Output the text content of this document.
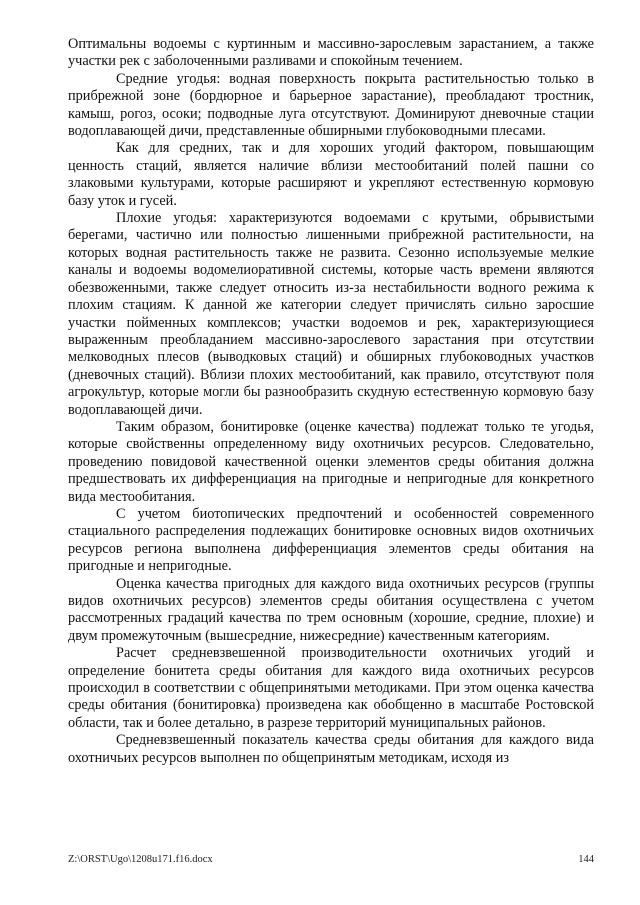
Оптимальны водоемы с куртинным и массивно-зарослевым зарастанием, а также участки рек с заболоченными разливами и спокойным течением.

Средние угодья: водная поверхность покрыта растительностью только в прибрежной зоне (бордюрное и барьерное зарастание), преобладают тростник, камыш, рогоз, осоки; подводные луга отсутствуют. Доминируют дневочные стации водоплавающей дичи, представленные обширными глубоководными плесами.

Как для средних, так и для хороших угодий фактором, повышающим ценность стаций, является наличие вблизи местообитаний полей пашни со злаковыми культурами, которые расширяют и укрепляют естественную кормовую базу уток и гусей.

Плохие угодья: характеризуются водоемами с крутыми, обрывистыми берегами, частично или полностью лишенными прибрежной растительности, на которых водная растительность также не развита. Сезонно используемые мелкие каналы и водоемы водомелиоративной системы, которые часть времени являются обезвоженными, также следует относить из-за нестабильности водного режима к плохим стациям. К данной же категории следует причислять сильно заросшие участки пойменных комплексов; участки водоемов и рек, характеризующиеся выраженным преобладанием массивно-зарослевого зарастания при отсутствии мелководных плесов (выводковых стаций) и обширных глубоководных участков (дневочных стаций). Вблизи плохих местообитаний, как правило, отсутствуют поля агрокультур, которые могли бы разнообразить скудную естественную кормовую базу водоплавающей дичи.

Таким образом, бонитировке (оценке качества) подлежат только те угодья, которые свойственны определенному виду охотничьих ресурсов. Следовательно, проведению повидовой качественной оценки элементов среды обитания должна предшествовать их дифференциация на пригодные и непригодные для конкретного вида местообитания.

С учетом биотопических предпочтений и особенностей современного стациального распределения подлежащих бонитировке основных видов охотничьих ресурсов региона выполнена дифференциация элементов среды обитания на пригодные и непригодные.

Оценка качества пригодных для каждого вида охотничьих ресурсов (группы видов охотничьих ресурсов) элементов среды обитания осуществлена с учетом рассмотренных градаций качества по трем основным (хорошие, средние, плохие) и двум промежуточным (вышесредние, нижесредние) качественным категориям.

Расчет средневзвешенной производительности охотничьих угодий и определение бонитета среды обитания для каждого вида охотничьих ресурсов происходил в соответствии с общепринятыми методиками. При этом оценка качества среды обитания (бонитировка) произведена как обобщенно в масштабе Ростовской области, так и более детально, в разрезе территорий муниципальных районов.

Средневзвешенный показатель качества среды обитания для каждого вида охотничьих ресурсов выполнен по общепринятым методикам, исходя из

Z:\ORST\Ugo\1208u171.f16.docx	144
